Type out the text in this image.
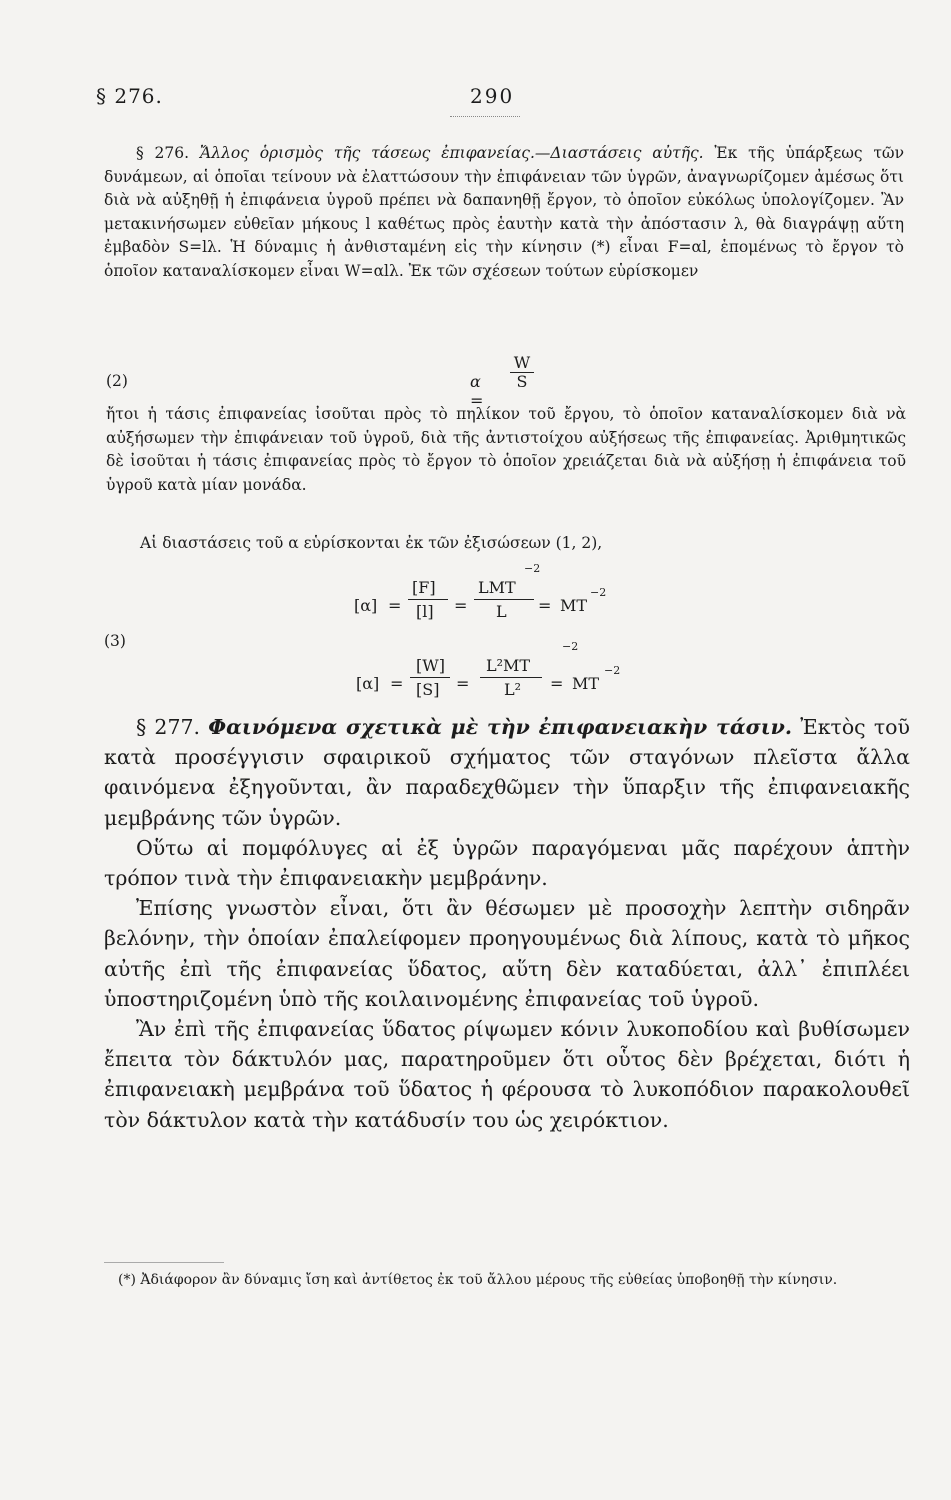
§ 276.	290

§ 276. Ἄλλος ὁρισμὸς τῆς τάσεως ἐπιφανείας.—Διαστάσεις αὐτῆς. Ἐκ τῆς ὑπάρξεως τῶν δυνάμεων, αἱ ὁποῖαι τείνουν νὰ ἐλαττώσουν τὴν ἐπιφάνειαν τῶν ὑγρῶν, ἀναγνωρίζομεν ἀμέσως ὅτι διὰ νὰ αὐξηθῇ ἡ ἐπιφάνεια ὑγροῦ πρέπει νὰ δαπανηθῇ ἔργον, τὸ ὁποῖον εὐκόλως ὑπολογίζομεν. Ἂν μετακινήσωμεν εὐθεῖαν μήκους l καθέτως πρὸς ἑαυτὴν κατὰ τὴν ἀπόστασιν λ, θὰ διαγράψῃ αὕτη ἐμβαδὸν S=lλ. Ἡ δύναμις ἡ ἀνθισταμένη εἰς τὴν κίνησιν (*) εἶναι F=αl, ἑπομένως τὸ ἔργον τὸ ὁποῖον καταναλίσκομεν εἶναι W=αlλ. Ἐκ τῶν σχέσεων τούτων εὑρίσκομεν

(2)	α =
$\frac{W}{S}$

ἤτοι ἡ τάσις ἐπιφανείας ἰσοῦται πρὸς τὸ πηλίκον τοῦ ἔργου, τὸ ὁποῖον καταναλίσκομεν διὰ νὰ αὐξήσωμεν τὴν ἐπιφάνειαν τοῦ ὑγροῦ, διὰ τῆς ἀντιστοίχου αὐξήσεως τῆς ἐπιφανείας. Ἀριθμητικῶς δὲ ἰσοῦται ἡ τάσις ἐπιφανείας πρὸς τὸ ἔργον τὸ ὁποῖον χρειάζεται διὰ νὰ αὐξήσῃ ἡ ἐπιφάνεια τοῦ ὑγροῦ κατὰ μίαν μονάδα.

Αἱ διαστάσεις τοῦ α εὑρίσκονται ἐκ τῶν ἐξισώσεων (1, 2),
(3)
[α] =
[F]
[l] =
LMT
−2
L = MT
−2
[α] =
[W]
[S] =
L²MT
−2
L² = MT
−2

§ 277. Φαινόμενα σχετικὰ μὲ τὴν ἐπιφανειακὴν τάσιν. Ἐκτὸς τοῦ κατὰ προσέγγισιν σφαιρικοῦ σχήματος τῶν σταγόνων πλεῖστα ἄλλα φαινόμενα ἐξηγοῦνται, ἂν παραδεχθῶμεν τὴν ὕπαρξιν τῆς ἐπιφανειακῆς μεμβράνης τῶν ὑγρῶν.

Οὕτω αἱ πομφόλυγες αἱ ἐξ ὑγρῶν παραγόμεναι μᾶς παρέχουν ἁπτὴν τρόπον τινὰ τὴν ἐπιφανειακὴν μεμβράνην.

Ἐπίσης γνωστὸν εἶναι, ὅτι ἂν θέσωμεν μὲ προσοχὴν λεπτὴν σιδηρᾶν βελόνην, τὴν ὁποίαν ἐπαλείφομεν προηγουμένως διὰ λίπους, κατὰ τὸ μῆκος αὐτῆς ἐπὶ τῆς ἐπιφανείας ὕδατος, αὕτη δὲν καταδύεται, ἀλλ᾽ ἐπιπλέει ὑποστηριζομένη ὑπὸ τῆς κοιλαινομένης ἐπιφανείας τοῦ ὑγροῦ.

Ἂν ἐπὶ τῆς ἐπιφανείας ὕδατος ρίψωμεν κόνιν λυκοποδίου καὶ βυθίσωμεν ἔπειτα τὸν δάκτυλόν μας, παρατηροῦμεν ὅτι οὗτος δὲν βρέχεται, διότι ἡ ἐπιφανειακὴ μεμβράνα τοῦ ὕδατος ἡ φέρουσα τὸ λυκοπόδιον παρακολουθεῖ τὸν δάκτυλον κατὰ τὴν κατάδυσίν του ὡς χειρόκτιον.

(*) Ἀδιάφορον ἂν δύναμις ἴση καὶ ἀντίθετος ἐκ τοῦ ἄλλου μέρους τῆς εὐθείας ὑποβοηθῇ τὴν κίνησιν.
